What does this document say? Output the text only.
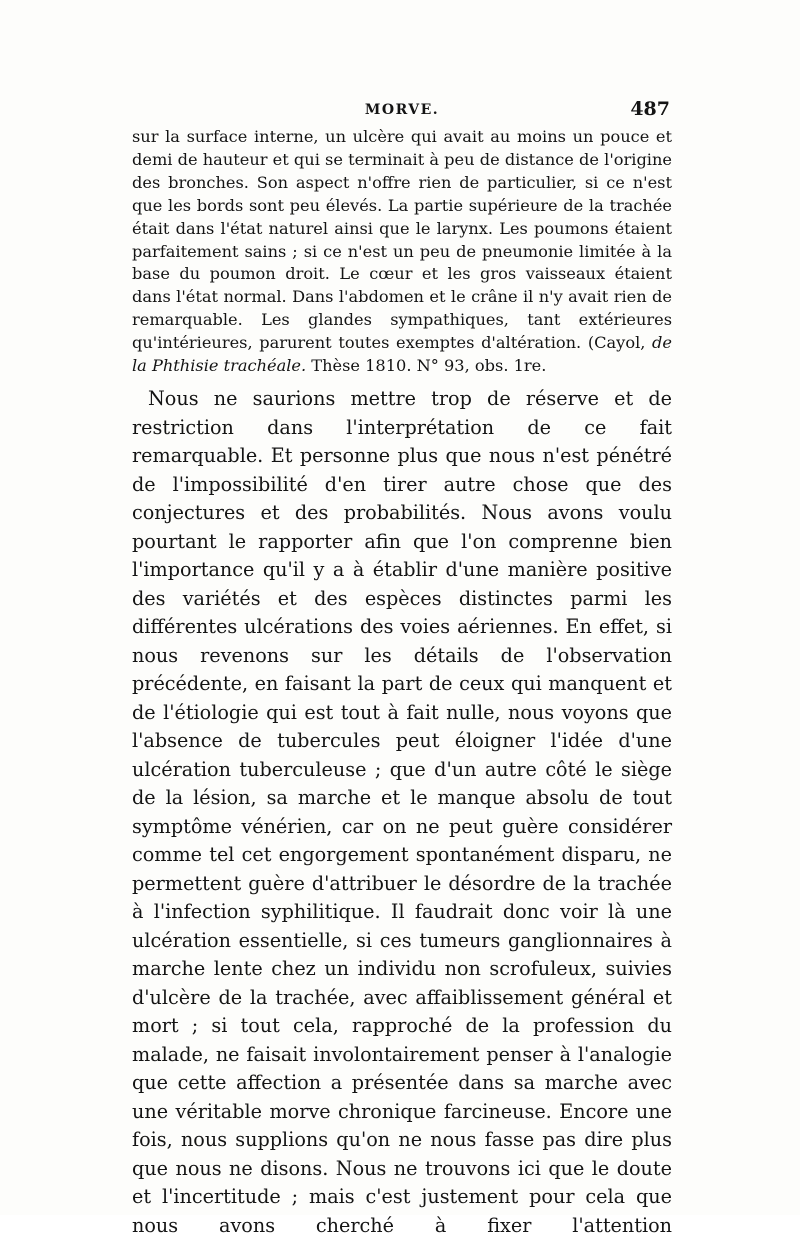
MORVE.	487

sur la surface interne, un ulcère qui avait au moins un pouce et demi de hauteur et qui se terminait à peu de distance de l'origine des bronches. Son aspect n'offre rien de particulier, si ce n'est que les bords sont peu élevés. La partie supérieure de la trachée était dans l'état naturel ainsi que le larynx. Les poumons étaient parfaitement sains ; si ce n'est un peu de pneumonie limitée à la base du poumon droit. Le cœur et les gros vaisseaux étaient dans l'état normal. Dans l'abdomen et le crâne il n'y avait rien de remarquable. Les glandes sympathiques, tant extérieures qu'intérieures, parurent toutes exemptes d'altération. (Cayol, de la Phthisie trachéale. Thèse 1810. N° 93, obs. 1re.

Nous ne saurions mettre trop de réserve et de restriction dans l'interprétation de ce fait remarquable. Et personne plus que nous n'est pénétré de l'impossibilité d'en tirer autre chose que des conjectures et des probabilités. Nous avons voulu pourtant le rapporter afin que l'on comprenne bien l'importance qu'il y a à établir d'une manière positive des variétés et des espèces distinctes parmi les différentes ulcérations des voies aériennes. En effet, si nous revenons sur les détails de l'observation précédente, en faisant la part de ceux qui manquent et de l'étiologie qui est tout à fait nulle, nous voyons que l'absence de tubercules peut éloigner l'idée d'une ulcération tuberculeuse ; que d'un autre côté le siège de la lésion, sa marche et le manque absolu de tout symptôme vénérien, car on ne peut guère considérer comme tel cet engorgement spontanément disparu, ne permettent guère d'attribuer le désordre de la trachée à l'infection syphilitique. Il faudrait donc voir là une ulcération essentielle, si ces tumeurs ganglionnaires à marche lente chez un individu non scrofuleux, suivies d'ulcère de la trachée, avec affaiblissement général et mort ; si tout cela, rapproché de la profession du malade, ne faisait involontairement penser à l'analogie que cette affection a présentée dans sa marche avec une véritable morve chronique farcineuse. Encore une fois, nous supplions qu'on ne nous fasse pas dire plus que nous ne disons. Nous ne trouvons ici que le doute et l'incertitude ; mais c'est justement pour cela que nous avons cherché à fixer l'attention
